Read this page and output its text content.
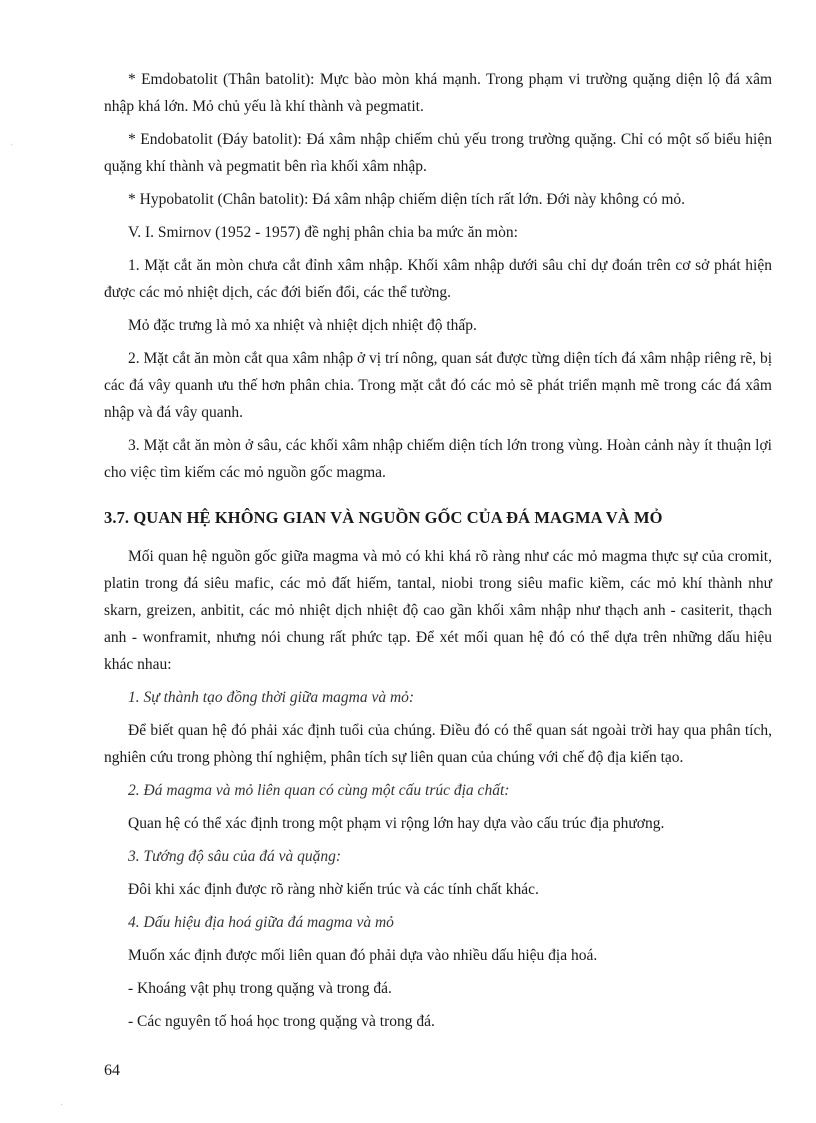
* Emdobatolit (Thân batolit): Mực bào mòn khá mạnh. Trong phạm vi trường quặng diện lộ đá xâm nhập khá lớn. Mỏ chủ yếu là khí thành và pegmatit.

* Endobatolit (Đáy batolit): Đá xâm nhập chiếm chủ yếu trong trường quặng. Chỉ có một số biểu hiện quặng khí thành và pegmatit bên rìa khối xâm nhập.

* Hypobatolit (Chân batolit): Đá xâm nhập chiếm diện tích rất lớn. Đới này không có mỏ.

V. I. Smirnov (1952 - 1957) đề nghị phân chia ba mức ăn mòn:

1. Mặt cắt ăn mòn chưa cắt đỉnh xâm nhập. Khối xâm nhập dưới sâu chỉ dự đoán trên cơ sở phát hiện được các mỏ nhiệt dịch, các đới biến đổi, các thể tường.

Mỏ đặc trưng là mỏ xa nhiệt và nhiệt dịch nhiệt độ thấp.

2. Mặt cắt ăn mòn cắt qua xâm nhập ở vị trí nông, quan sát được từng diện tích đá xâm nhập riêng rẽ, bị các đá vây quanh ưu thế hơn phân chia. Trong mặt cắt đó các mỏ sẽ phát triển mạnh mẽ trong các đá xâm nhập và đá vây quanh.

3. Mặt cắt ăn mòn ở sâu, các khối xâm nhập chiếm diện tích lớn trong vùng. Hoàn cảnh này ít thuận lợi cho việc tìm kiếm các mỏ nguồn gốc magma.

3.7. QUAN HỆ KHÔNG GIAN VÀ NGUỒN GỐC CỦA ĐÁ MAGMA VÀ MỎ

Mối quan hệ nguồn gốc giữa magma và mỏ có khi khá rõ ràng như các mỏ magma thực sự của cromit, platin trong đá siêu mafic, các mỏ đất hiếm, tantal, niobi trong siêu mafic kiềm, các mỏ khí thành như skarn, greizen, anbitit, các mỏ nhiệt dịch nhiệt độ cao gần khối xâm nhập như thạch anh - casiterit, thạch anh - wonframit, nhưng nói chung rất phức tạp. Để xét mối quan hệ đó có thể dựa trên những dấu hiệu khác nhau:

1. Sự thành tạo đồng thời giữa magma và mỏ:

Để biết quan hệ đó phải xác định tuổi của chúng. Điều đó có thể quan sát ngoài trời hay qua phân tích, nghiên cứu trong phòng thí nghiệm, phân tích sự liên quan của chúng với chế độ địa kiến tạo.

2. Đá magma và mỏ liên quan có cùng một cấu trúc địa chất:

Quan hệ có thể xác định trong một phạm vi rộng lớn hay dựa vào cấu trúc địa phương.

3. Tướng độ sâu của đá và quặng:

Đôi khi xác định được rõ ràng nhờ kiến trúc và các tính chất khác.

4. Dấu hiệu địa hoá giữa đá magma và mỏ

Muốn xác định được mối liên quan đó phải dựa vào nhiều dấu hiệu địa hoá.

- Khoáng vật phụ trong quặng và trong đá.

- Các nguyên tố hoá học trong quặng và trong đá.

64

·
·
